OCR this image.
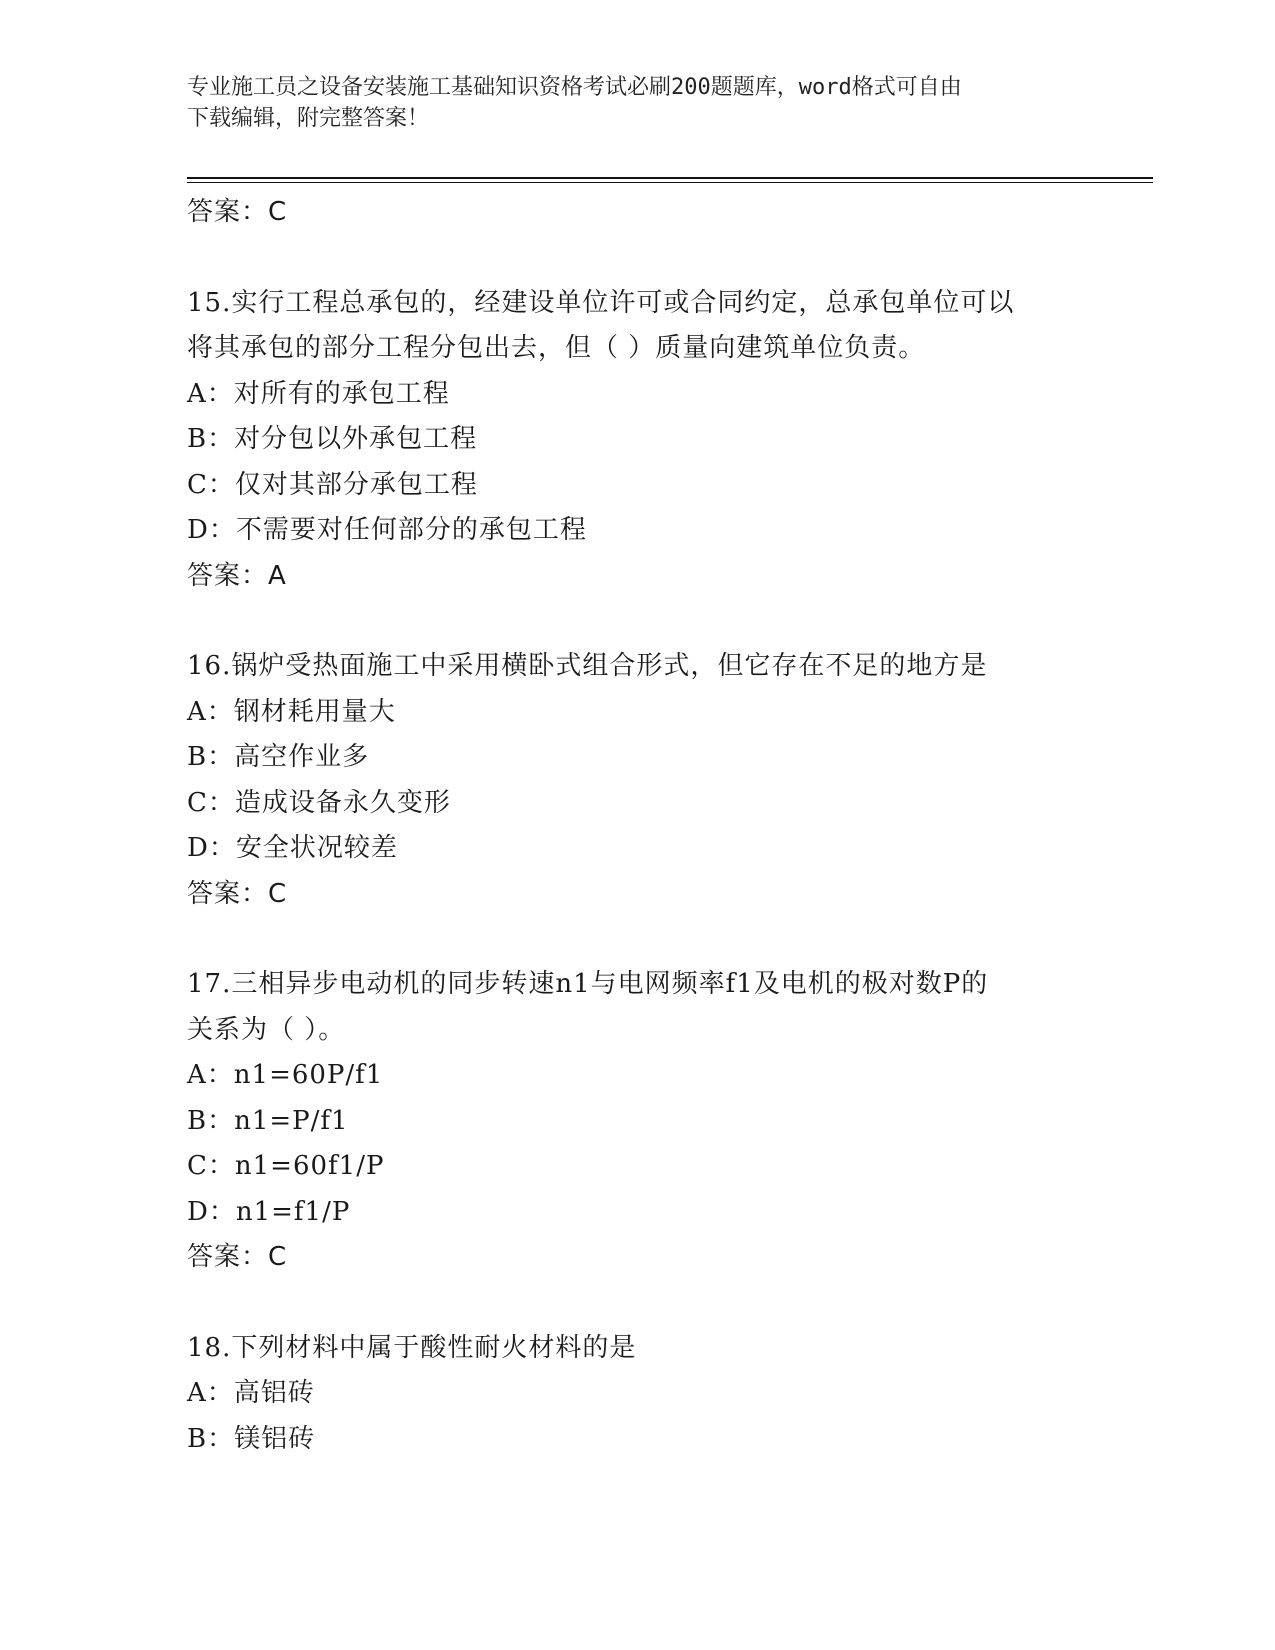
专业施工员之设备安装施工基础知识资格考试必刷200题题库，word格式可自由
下载编辑，附完整答案！
答案：C
15.实行工程总承包的，经建设单位许可或合同约定，总承包单位可以
将其承包的部分工程分包出去，但（ ）质量向建筑单位负责。
A：对所有的承包工程
B：对分包以外承包工程
C：仅对其部分承包工程
D：不需要对任何部分的承包工程
答案：A
16.锅炉受热面施工中采用横卧式组合形式，但它存在不足的地方是
A：钢材耗用量大
B：高空作业多
C：造成设备永久变形
D：安全状况较差
答案：C
17.三相异步电动机的同步转速n1与电网频率f1及电机的极对数P的
关系为（ ）。
A：n1=60P/f1
B：n1=P/f1
C：n1=60f1/P
D：n1=f1/P
答案：C
18.下列材料中属于酸性耐火材料的是
A：高铝砖
B：镁铝砖
